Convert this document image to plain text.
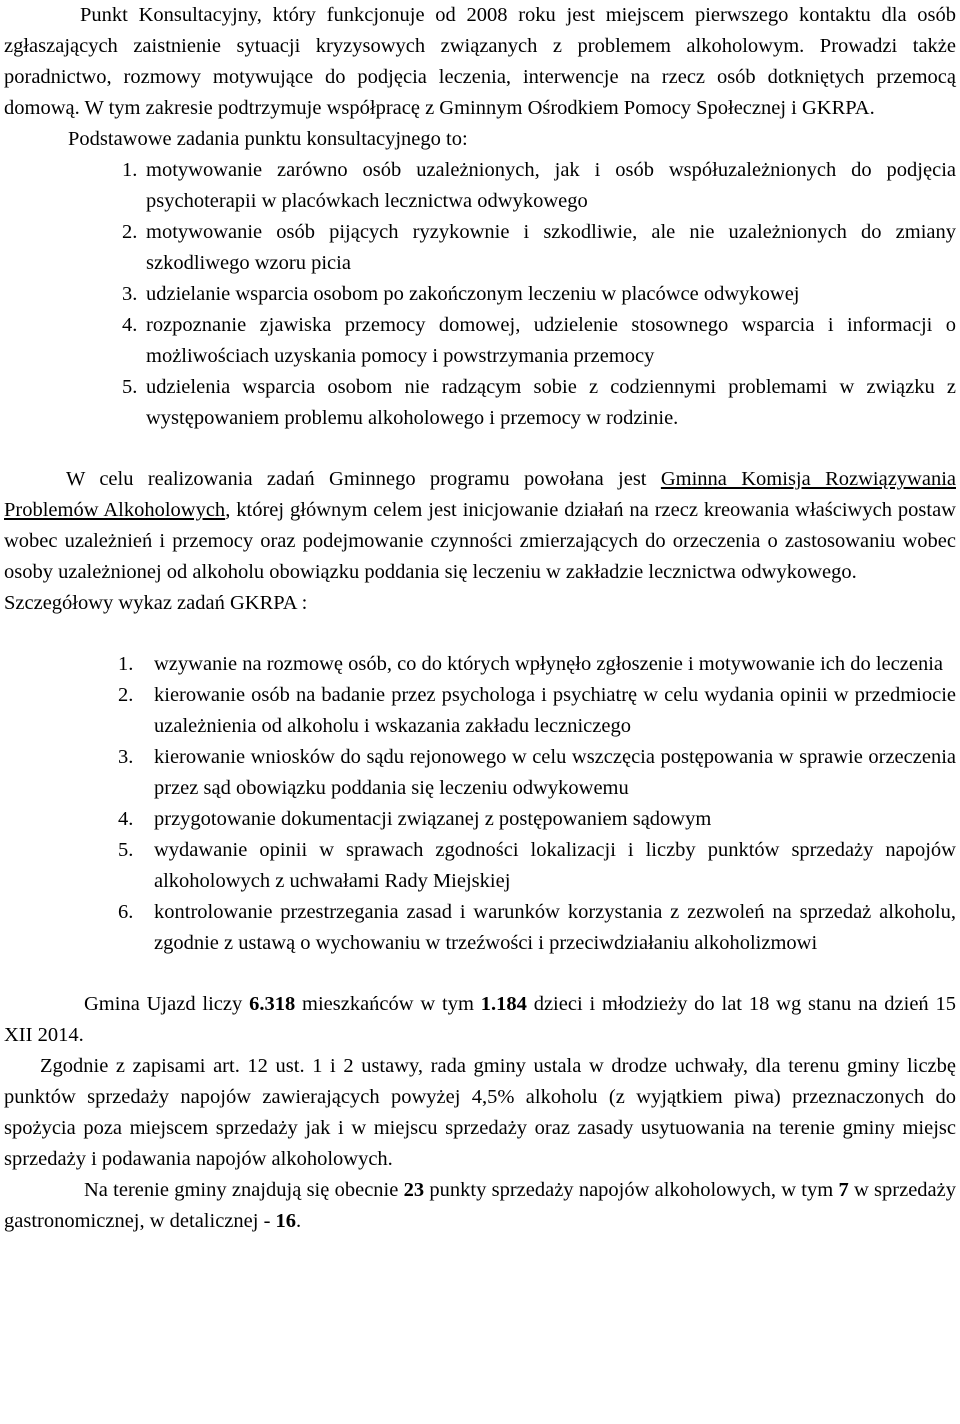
Punkt Konsultacyjny, który funkcjonuje od 2008 roku jest miejscem pierwszego kontaktu dla osób zgłaszających zaistnienie sytuacji kryzysowych związanych z problemem alkoholowym. Prowadzi także poradnictwo, rozmowy motywujące do podjęcia leczenia, interwencje na rzecz osób dotkniętych przemocą domową. W tym zakresie podtrzymuje współpracę z Gminnym Ośrodkiem Pomocy Społecznej i GKRPA.

Podstawowe zadania punktu konsultacyjnego to:
1. motywowanie zarówno osób uzależnionych, jak i osób współuzależnionych do podjęcia psychoterapii w placówkach lecznictwa odwykowego
2. motywowanie osób pijących ryzykownie i szkodliwie, ale nie uzależnionych do zmiany szkodliwego wzoru picia
3. udzielanie wsparcia osobom po zakończonym leczeniu w placówce odwykowej
4. rozpoznanie zjawiska przemocy domowej, udzielenie stosownego wsparcia i informacji o możliwościach uzyskania pomocy i powstrzymania przemocy
5. udzielenia wsparcia osobom nie radzącym sobie z codziennymi problemami w związku z występowaniem problemu alkoholowego i przemocy w rodzinie.

W celu realizowania zadań Gminnego programu powołana jest Gminna Komisja Rozwiązywania Problemów Alkoholowych, której głównym celem jest inicjowanie działań na rzecz kreowania właściwych postaw wobec uzależnień i przemocy oraz podejmowanie czynności zmierzających do orzeczenia o zastosowaniu wobec osoby uzależnionej od alkoholu obowiązku poddania się leczeniu w zakładzie lecznictwa odwykowego.

Szczegółowy wykaz zadań GKRPA :
1. wzywanie na rozmowę osób, co do których wpłynęło zgłoszenie i motywowanie ich do leczenia
2. kierowanie osób na badanie przez psychologa i psychiatrę w celu wydania opinii w przedmiocie uzależnienia od alkoholu i wskazania zakładu leczniczego
3. kierowanie wniosków do sądu rejonowego w celu wszczęcia postępowania w sprawie orzeczenia przez sąd obowiązku poddania się leczeniu odwykowemu
4. przygotowanie dokumentacji związanej z postępowaniem sądowym
5. wydawanie opinii w sprawach zgodności lokalizacji i liczby punktów sprzedaży napojów alkoholowych z uchwałami Rady Miejskiej
6. kontrolowanie przestrzegania zasad i warunków korzystania z zezwoleń na sprzedaż alkoholu, zgodnie z ustawą o wychowaniu w trzeźwości i przeciwdziałaniu alkoholizmowi

Gmina Ujazd liczy 6.318 mieszkańców w tym 1.184 dzieci i młodzieży do lat 18 wg stanu na dzień 15 XII 2014.

Zgodnie z zapisami art. 12 ust. 1 i 2 ustawy, rada gminy ustala w drodze uchwały, dla terenu gminy liczbę punktów sprzedaży napojów zawierających powyżej 4,5% alkoholu (z wyjątkiem piwa) przeznaczonych do spożycia poza miejscem sprzedaży jak i w miejscu sprzedaży oraz zasady usytuowania na terenie gminy miejsc sprzedaży i podawania napojów alkoholowych.

Na terenie gminy znajdują się obecnie 23 punkty sprzedaży napojów alkoholowych, w tym 7 w sprzedaży gastronomicznej, w detalicznej - 16.
